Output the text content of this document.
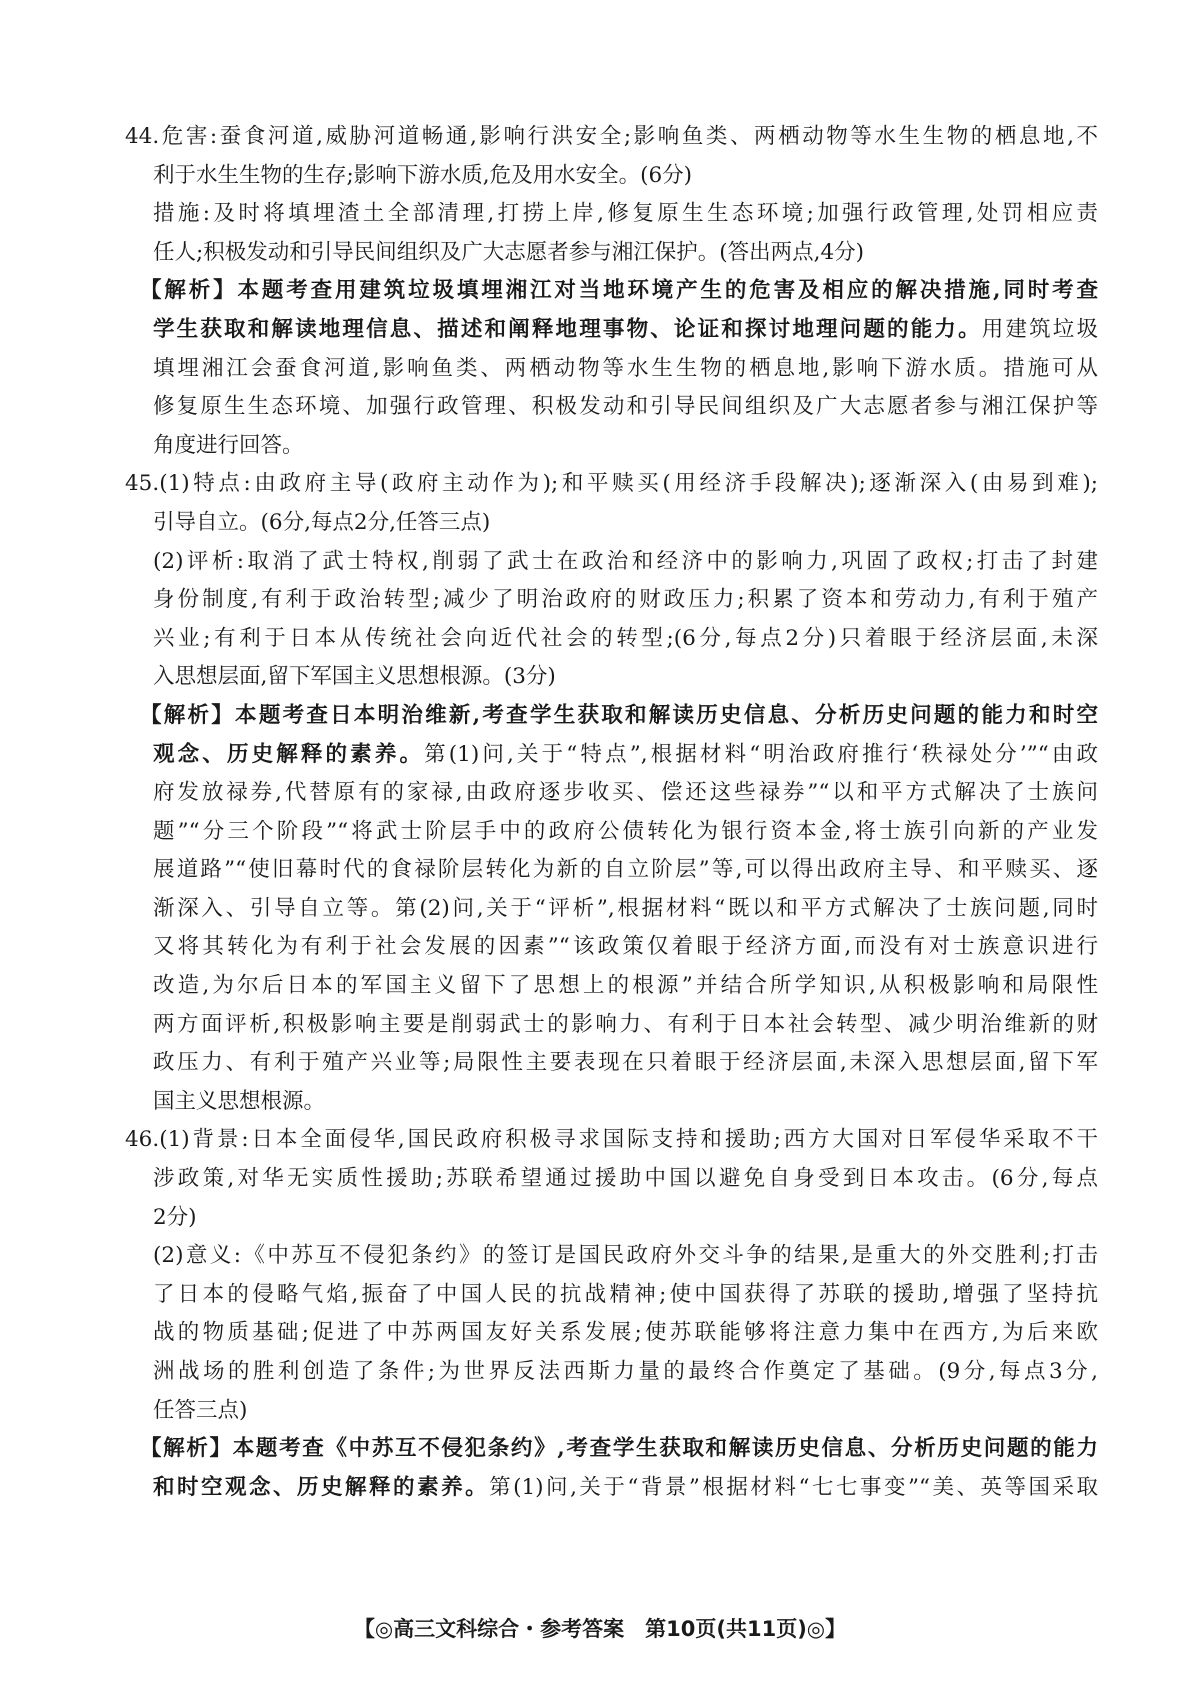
44.危害:蚕食河道,威胁河道畅通,影响行洪安全;影响鱼类、两栖动物等水生生物的栖息地,不
利于水生生物的生存;影响下游水质,危及用水安全。(6分)
措施:及时将填埋渣土全部清理,打捞上岸,修复原生生态环境;加强行政管理,处罚相应责
任人;积极发动和引导民间组织及广大志愿者参与湘江保护。(答出两点,4分)
【解析】本题考查用建筑垃圾填埋湘江对当地环境产生的危害及相应的解决措施,同时考查
学生获取和解读地理信息、描述和阐释地理事物、论证和探讨地理问题的能力。用建筑垃圾
填埋湘江会蚕食河道,影响鱼类、两栖动物等水生生物的栖息地,影响下游水质。措施可从
修复原生生态环境、加强行政管理、积极发动和引导民间组织及广大志愿者参与湘江保护等
角度进行回答。
45.(1)特点:由政府主导(政府主动作为);和平赎买(用经济手段解决);逐渐深入(由易到难);
引导自立。(6分,每点2分,任答三点)
(2)评析:取消了武士特权,削弱了武士在政治和经济中的影响力,巩固了政权;打击了封建
身份制度,有利于政治转型;减少了明治政府的财政压力;积累了资本和劳动力,有利于殖产
兴业;有利于日本从传统社会向近代社会的转型;(6分,每点2分)只着眼于经济层面,未深
入思想层面,留下军国主义思想根源。(3分)
【解析】本题考查日本明治维新,考查学生获取和解读历史信息、分析历史问题的能力和时空
观念、历史解释的素养。第(1)问,关于“特点”,根据材料“明治政府推行‘秩禄处分’”“由政
府发放禄券,代替原有的家禄,由政府逐步收买、偿还这些禄券”“以和平方式解决了士族问
题”“分三个阶段”“将武士阶层手中的政府公债转化为银行资本金,将士族引向新的产业发
展道路”“使旧幕时代的食禄阶层转化为新的自立阶层”等,可以得出政府主导、和平赎买、逐
渐深入、引导自立等。第(2)问,关于“评析”,根据材料“既以和平方式解决了士族问题,同时
又将其转化为有利于社会发展的因素”“该政策仅着眼于经济方面,而没有对士族意识进行
改造,为尔后日本的军国主义留下了思想上的根源”并结合所学知识,从积极影响和局限性
两方面评析,积极影响主要是削弱武士的影响力、有利于日本社会转型、减少明治维新的财
政压力、有利于殖产兴业等;局限性主要表现在只着眼于经济层面,未深入思想层面,留下军
国主义思想根源。
46.(1)背景:日本全面侵华,国民政府积极寻求国际支持和援助;西方大国对日军侵华采取不干
涉政策,对华无实质性援助;苏联希望通过援助中国以避免自身受到日本攻击。(6分,每点
2分)
(2)意义:《中苏互不侵犯条约》的签订是国民政府外交斗争的结果,是重大的外交胜利;打击
了日本的侵略气焰,振奋了中国人民的抗战精神;使中国获得了苏联的援助,增强了坚持抗
战的物质基础;促进了中苏两国友好关系发展;使苏联能够将注意力集中在西方,为后来欧
洲战场的胜利创造了条件;为世界反法西斯力量的最终合作奠定了基础。(9分,每点3分,
任答三点)
【解析】本题考查《中苏互不侵犯条约》,考查学生获取和解读历史信息、分析历史问题的能力
和时空观念、历史解释的素养。第(1)问,关于“背景”根据材料“七七事变”“美、英等国采取
【◎高三文科综合・参考答案　第10页(共11页)◎】
